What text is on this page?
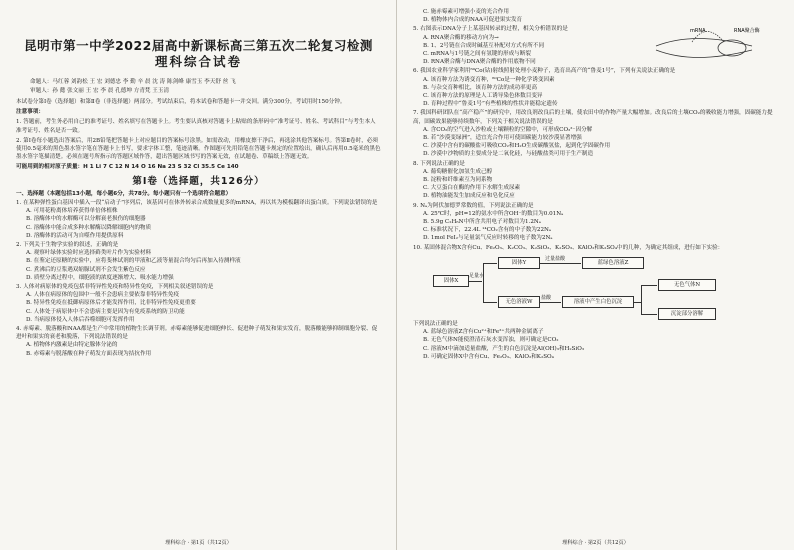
昆明市第一中学2022届高中新课标高三第五次二轮复习检测
理科综合试卷

命题人：马红蓉 刘韵松 王 宏 刘德忠 李 勤 辛 晨 沈 涛 陈剑峰 康雪玉 李天舒 丝 飞

审题人：孙 懿 张文丽 王 宏 李 晨 孔德坤 方青梵 王玉清

本试卷分第Ⅰ卷（选择题）和第Ⅱ卷（非选择题）两部分。考试结束后，将本试卷和答题卡一并交回。满分300分，考试用时150分钟。

注意事项：

1. 答题前，考生务必用自己的准考证号、姓名填写在答题卡上。考生要认真核对答题卡上粘贴的条形码中“准考证号、姓名、考试科目”与考生本人准考证号、姓名是否一致。

2. 第Ⅰ卷每小题选出答案后，用2B铅笔把答题卡上对应题目的答案标号涂黑。如需改动，用橡皮擦干净后，再选涂其他答案标号。答第Ⅱ卷时，必须使用0.5毫米的黑色墨水签字笔在答题卡上书写，要求字体工整，笔迹清晰。作图题可先用铅笔在答题卡规定的位置绘出，确认后再用0.5毫米的黑色墨水签字笔描清楚。必须在题号所指示的答题区域作答，超出答题区域书写的答案无效，在试题卷、草稿纸上答题无效。

可能用到的相对原子质量：H 1 Li 7 C 12 N 14 O 16 Na 23 S 32 Cl 35.5 Ce 140

第Ⅰ卷（选择题，共126分）

一、选择题（本题包括13小题，每小题6分，共78分。每小题只有一个选项符合题意）

1. 在某种弹性蛋白基因中插入一段“启动子”序列后，该基因可在体外转录合成数量更多的mRNA，再以其为模板翻译出蛋白质。下列说法错误的是

A. 可用花粉离体培养获得单倍体植株

B. 溶酶体中的水解酶可以分解衰老损伤的细胞器

C. 溶酶体中能合成多种水解酶以降解细胞内的物质

D. 溶酶体的活动可为自噬作用提供原料

2. 下列关于生物学实验的叙述，正确的是

A. 观察叶绿体实验时应选择藓类叶片作为实验材料

B. 在鉴定还原糖的实验中，应将斐林试剂的甲液和乙液等量混合均匀后再加入待测样液

C. 煮沸后的豆浆遇双缩脲试剂不会发生紫色反应

D. 质壁分离过程中，细胞液的浓度逐渐增大、吸水能力增强

3. 人体对病原体的免疫包括非特异性免疫和特异性免疫，下列相关叙述错误的是

A. 人体在病原体的包围中一般不会患病主要依靠非特异性免疫

B. 特异性免疫在抵御病原体后才能发挥作用，比非特异性免疫更重要

C. 人体处于病原体中不会患病主要是因为有免疫系统的防卫功能

D. 当病原体侵入人体后吞噬细胞可发挥作用

4. 赤霉素、脱落酸和NAA都是生产中常用的植物生长调节剂。赤霉素能够促进细胞伸长、促进种子萌发和果实发育，脱落酸能够抑制细胞分裂、促进叶和果实的衰老和脱落，下列说法错误的是

A. 植物体内激素是由特定腺体分泌的

B. 赤霉素与脱落酸在种子萌发方面表现为拮抗作用

理科综合 · 第1页（共12页）

C. 施赤霉素可增强小麦的光合作用

D. 植物体内合成的NAA可促进果实发育

5. 右图表示DNA分子上某基因转录的过程，相关分析错误的是

A. RNA聚合酶的移动方向为→

B. 1、2号链在合成时碱基互补配对方式有所不同

C. mRNA与1号链之间有氢键的形成与断裂

D. RNA聚合酶与DNA聚合酶的作用底物不同

mRNA	RNA聚合酶

6. 我国农业科学家利用⁶⁰Co(钴)射线照射处理小麦种子，选育出高产的“鲁麦1号”，下列有关说法正确的是

A. 该育种方法为诱变育种，⁶⁰Co是一种化学诱变因素

B. 与杂交育种相比，该育种方法的成功率更高

C. 该育种方法的原理是人工诱导染色体数目变异

D. 育种过程中“鲁麦1号”有些植株的性状并能稳定遗传

7. 我国科研团队在“高产稳产”的研究中，用改良剂改良后的土壤，使农田中的作物产量大幅增加。改良后的土壤CO₂的吸收能力增强，固碳能力提高，固碳效果能够持续数年，下列关于相关说法错误的是

A. 含CO₂的空气进入沙粒或土壤颗粒的空隙中，可形成CO₃²⁻因分解

B. 若“沙漠变绿洲”，适宜光合作用可使固碳能力较沙漠显著增强

C. 沙漠中含有的碳酸盐可吸收CO₂和H₂O生成碳酸氢盐，起到化学固碳作用

D. 沙漠中沙物质的主要成分是二氧化硅，与硅酸盐类可用于生产制造

8. 下列说法正确的是

A. 葡萄糖催化加氢生成己醇

B. 淀粉和纤维素互为同系物

C. 大豆蛋白在酶的作用下水解生成尿素

D. 植物油能发生加成反应和皂化反应

9. Nₐ为阿伏加德罗常数的值，下列说法正确的是

A. 25℃时，pH=12的氨水中所含OH⁻的数目为0.01Nₐ

B. 5.9g C₂H₆N中所含共用电子对数目为1.2Nₐ

C. 标准状况下，22.4L ¹⁴CO₂含有的中子数为22Nₐ

D. 1mol FeI₂与足量氯气反应时转移的电子数为2Nₐ

10. 某固体混合物X含有Cu、Fe₂O₃、K₂CO₃、K₂SiO₃、K₂SO₃、KAlO₂和K₂SO₄中的几种，为确定其组成，进行如下实验：

固体X
足量水
固体Y
过量盐酸
蓝绿色溶液Z
无色溶液W
盐酸
溶液中产生白色沉淀
无色气体N
沉淀部分溶解

下列说法正确的是

A. 蓝绿色溶液Z含有Cu²⁺和Fe²⁺共两种金属离子

B. 无色气体N能使澄清石灰水变浑浊，则可确定是CO₂

C. 溶液M中滴加适量盐酸，产生的白色沉淀是Al(OH)₃和H₂SiO₃

D. 可确定固体X中含有Cu、Fe₂O₃、KAlO₂和K₂SO₄

理科综合 · 第2页（共12页）
